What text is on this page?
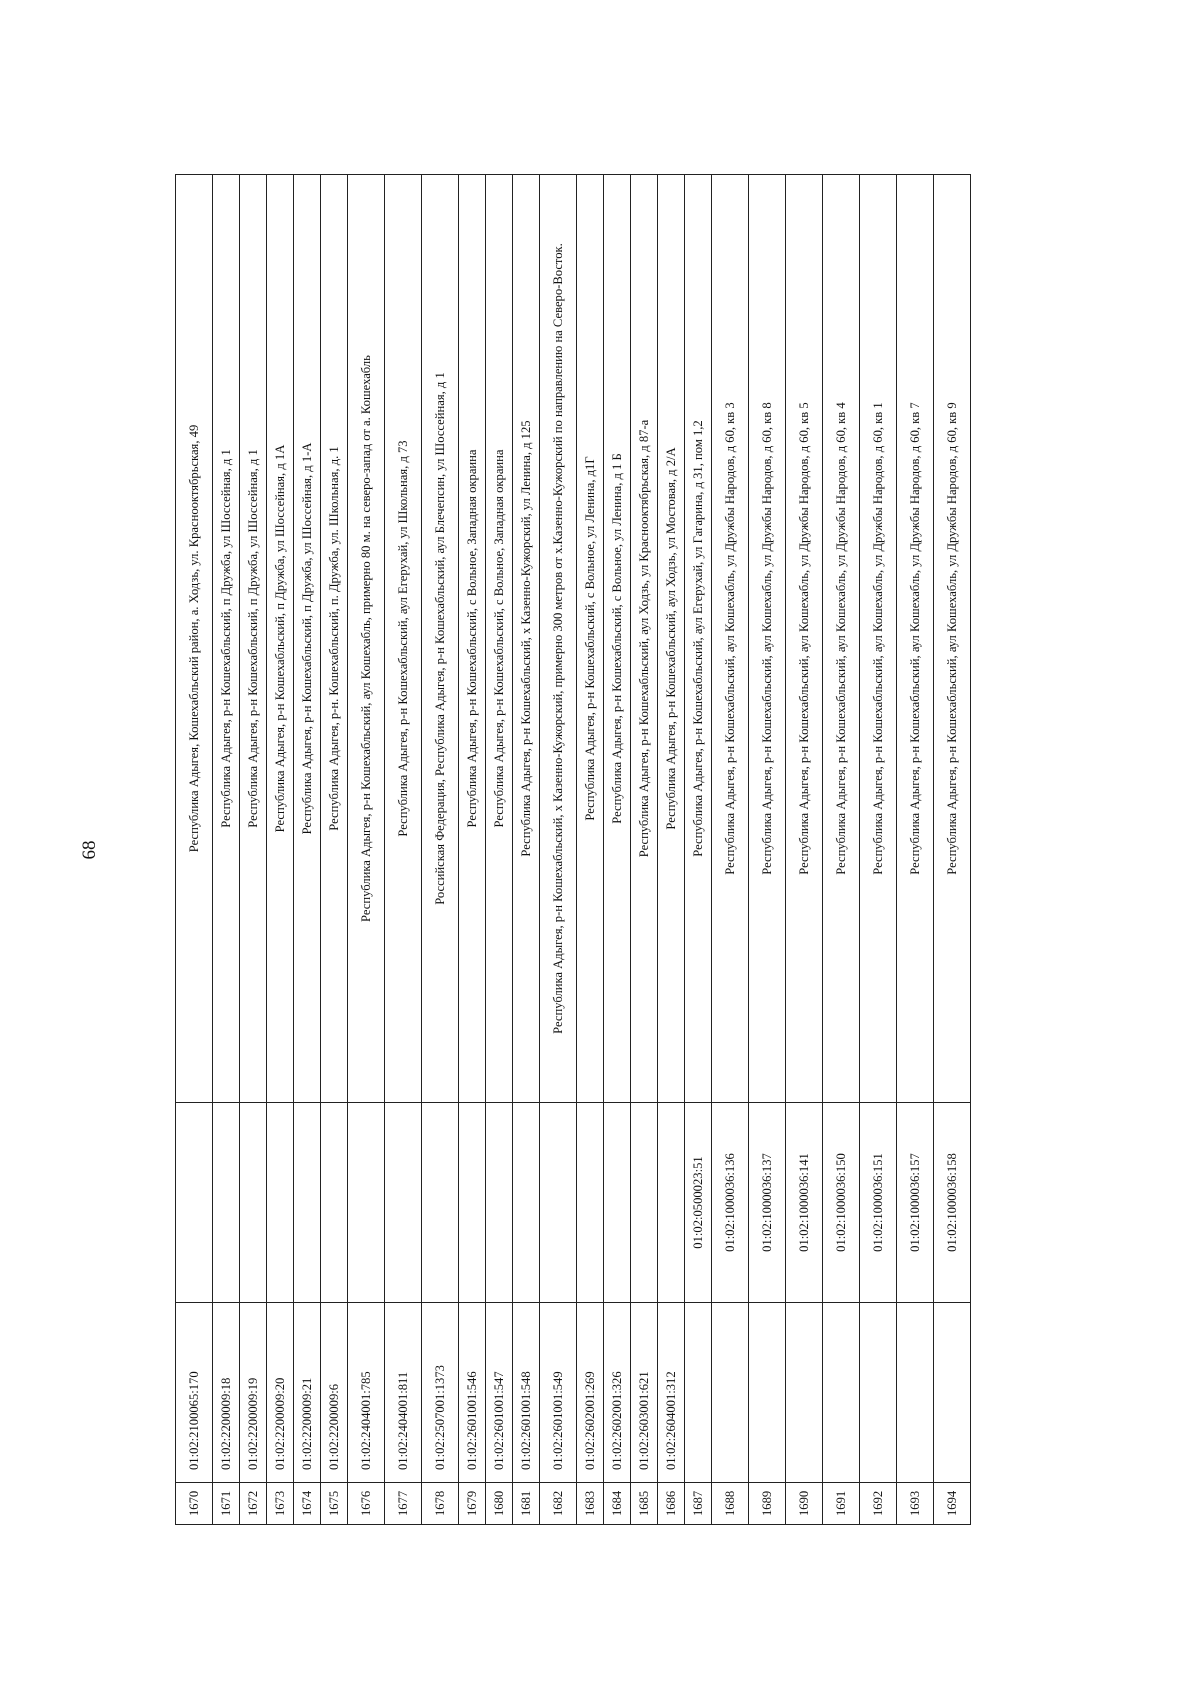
68
1670	01:02:2100065:170		Республика Адыгея, Кошехабльский район, а. Ходзь, ул. Краснооктябрьская, 49
1671	01:02:2200009:18		Республика Адыгея, р-н Кошехабльский, п Дружба, ул Шоссейная, д 1
1672	01:02:2200009:19		Республика Адыгея, р-н Кошехабльский, п Дружба, ул Шоссейная, д 1
1673	01:02:2200009:20		Республика Адыгея, р-н Кошехабльский, п Дружба, ул Шоссейная, д 1А
1674	01:02:2200009:21		Республика Адыгея, р-н Кошехабльский, п Дружба, ул Шоссейная, д 1-А
1675	01:02:2200009:6		Республика Адыгея, р-н. Кошехабльский, п. Дружба, ул. Школьная, д. 1
1676	01:02:2404001:785		Республика Адыгея, р-н Кошехабльский, аул Кошехабль, примерно 80 м. на северо-запад от а. Кошехабль
1677	01:02:2404001:811		Республика Адыгея, р-н Кошехабльский, аул Егерухай, ул Школьная, д 73
1678	01:02:2507001:1373		Российская Федерация, Республика Адыгея, р-н Кошехабльский, аул Блечепсин, ул Шоссейная, д 1
1679	01:02:2601001:546		Республика Адыгея, р-н Кошехабльский, с Вольное, Западная окраина
1680	01:02:2601001:547		Республика Адыгея, р-н Кошехабльский, с Вольное, Западная окраина
1681	01:02:2601001:548		Республика Адыгея, р-н Кошехабльский, х Казенно-Кужорский, ул Ленина, д 125
1682	01:02:2601001:549		Республика Адыгея, р-н Кошехабльский, х Казенно-Кужорский, примерно 300 метров от х.Казенно-Кужорский по направлению на Северо-Восток.
1683	01:02:2602001:269		Республика Адыгея, р-н Кошехабльский, с Вольное, ул Ленина, д1Г
1684	01:02:2602001:326		Республика Адыгея, р-н Кошехабльский, с Вольное, ул Ленина, д 1 Б
1685	01:02:2603001:621		Республика Адыгея, р-н Кошехабльский, аул Ходзь, ул Краснооктябрьская, д 87-а
1686	01:02:2604001:312		Республика Адыгея, р-н Кошехабльский, аул Ходзь, ул Мостовая, д 2/А
1687		01:02:0500023:51	Республика Адыгея, р-н Кошехабльский, аул Егерухай, ул Гагарина, д 31, пом 1,2
1688		01:02:1000036:136	Республика Адыгея, р-н Кошехабльский, аул Кошехабль, ул Дружбы Народов, д 60, кв 3
1689		01:02:1000036:137	Республика Адыгея, р-н Кошехабльский, аул Кошехабль, ул Дружбы Народов, д 60, кв 8
1690		01:02:1000036:141	Республика Адыгея, р-н Кошехабльский, аул Кошехабль, ул Дружбы Народов, д 60, кв 5
1691		01:02:1000036:150	Республика Адыгея, р-н Кошехабльский, аул Кошехабль, ул Дружбы Народов, д 60, кв 4
1692		01:02:1000036:151	Республика Адыгея, р-н Кошехабльский, аул Кошехабль, ул Дружбы Народов, д 60, кв 1
1693		01:02:1000036:157	Республика Адыгея, р-н Кошехабльский, аул Кошехабль, ул Дружбы Народов, д 60, кв 7
1694		01:02:1000036:158	Республика Адыгея, р-н Кошехабльский, аул Кошехабль, ул Дружбы Народов, д 60, кв 9
